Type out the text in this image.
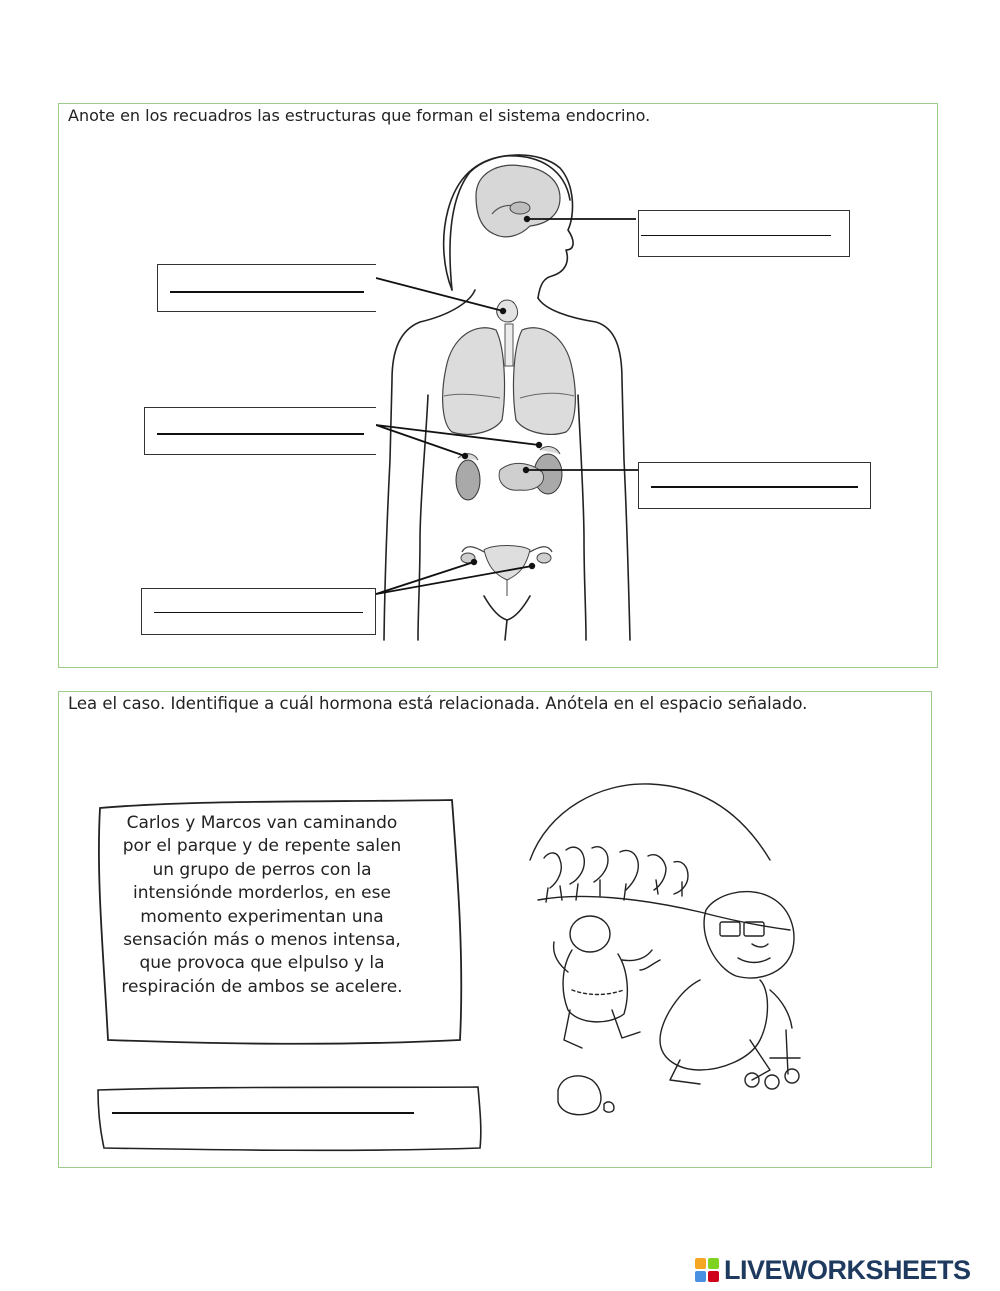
Anote en los recuadros las estructuras que forman el sistema endocrino.
Lea el caso. Identifique a cuál hormona está relacionada. Anótela en el espacio señalado.
Carlos y Marcos van caminando
por el parque y de repente salen
un grupo de perros con la
intensiónde morderlos, en ese
momento experimentan una
sensación más o menos intensa,
que provoca que elpulso y la
respiración de ambos se acelere.
LIVEWORKSHEETS
